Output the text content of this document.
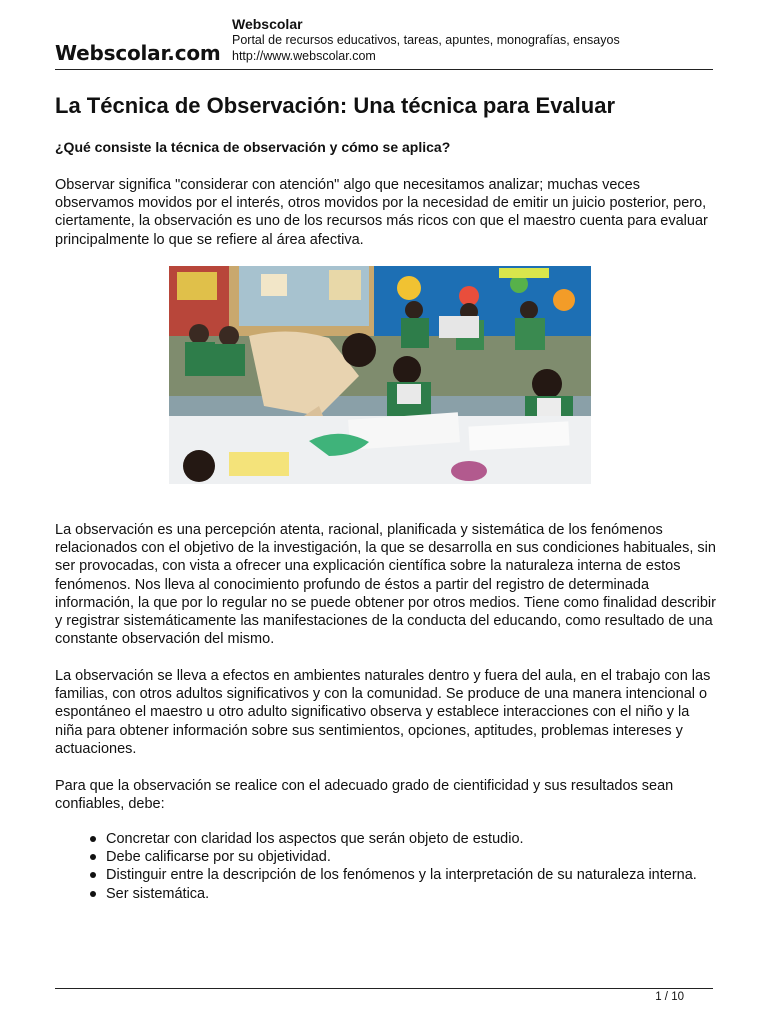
Webscolar.com
Webscolar
Portal de recursos educativos, tareas, apuntes, monografías, ensayos
http://www.webscolar.com
La Técnica de Observación: Una técnica para Evaluar
¿Qué consiste la técnica de observación y cómo se aplica?

Observar significa "considerar con atención" algo que necesitamos analizar; muchas veces observamos movidos por el interés, otros movidos por la necesidad de emitir un juicio posterior, pero, ciertamente, la observación es uno de los recursos más ricos con que el maestro cuenta para evaluar principalmente lo que se refiere al área afectiva.

La observación es una percepción atenta, racional, planificada y sistemática de los fenómenos relacionados con el objetivo de la investigación, la que se desarrolla en sus condiciones habituales, sin ser provocadas, con vista a ofrecer una explicación científica sobre la naturaleza interna de estos fenómenos. Nos lleva al conocimiento profundo de éstos a partir del registro de determinada información, la que por lo regular no se puede obtener por otros medios. Tiene como finalidad describir y registrar sistemáticamente las manifestaciones de la conducta del educando, como resultado de una constante observación del mismo.

La observación se lleva a efectos en ambientes naturales dentro y fuera del aula, en el trabajo con las familias, con otros adultos significativos y con la comunidad. Se produce de una manera intencional o espontáneo el maestro u otro adulto significativo observa y establece interacciones con el niño y la niña para obtener información sobre sus sentimientos, opciones, aptitudes, problemas intereses y actuaciones.

Para que la observación se realice con el adecuado grado de cientificidad y sus resultados sean confiables, debe:

Concretar con claridad los aspectos que serán objeto de estudio.
Debe calificarse por su objetividad.
Distinguir entre la descripción de los fenómenos y la interpretación de su naturaleza interna.
Ser sistemática.
1 / 10
